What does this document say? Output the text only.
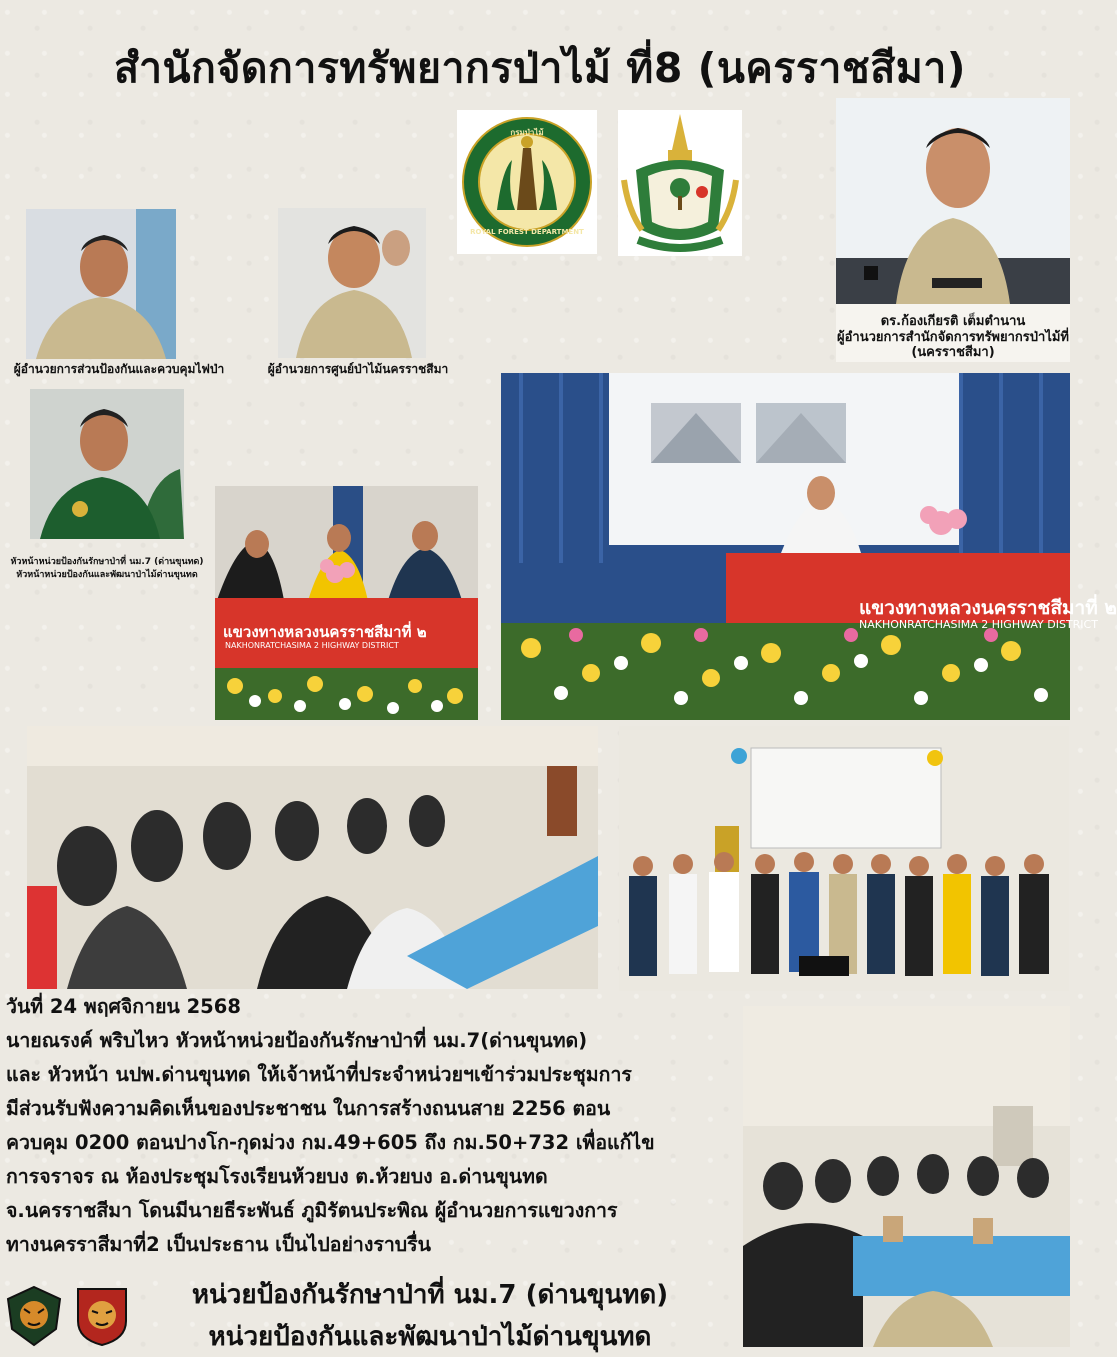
สำนักจัดการทรัพยากรป่าไม้ ที่8 (นครราชสีมา)
ROYAL FOREST DEPARTMENT
กรมป่าไม้
ดร.ก้องเกียรติ เต็มตำนาน
ผู้อำนวยการสำนักจัดการทรัพยากรป่าไม้ที่
(นครราชสีมา)
ผู้อำนวยการส่วนป้องกันและควบคุมไฟป่า	ผู้อำนวยการศูนย์ป่าไม้นครราชสีมา
หัวหน้าหน่วยป้องกันรักษาป่าที่ นม.7 (ด่านขุนทด)
หัวหน้าหน่วยป้องกันและพัฒนาป่าไม้ด่านขุนทด
แขวงทางหลวงนครราชสีมาที่ ๒
NAKHONRATCHASIMA 2 HIGHWAY DISTRICT
แขวงทางหลวงนครราชสีมาที่ ๒
NAKHONRATCHASIMA 2 HIGHWAY DISTRICT
วันที่ 24 พฤศจิกายน 2568
นายณรงค์ พริบไหว หัวหน้าหน่วยป้องกันรักษาป่าที่ นม.7(ด่านขุนทด)
และ หัวหน้า นปพ.ด่านขุนทด ให้เจ้าหน้าที่ประจำหน่วยฯเข้าร่วมประชุมการ
มีส่วนรับฟังความคิดเห็นของประชาชน ในการสร้างถนนสาย 2256 ตอน
ควบคุม 0200 ตอนปางโก-กุดม่วง กม.49+605 ถึง กม.50+732 เพื่อแก้ไข
การจราจร ณ ห้องประชุมโรงเรียนห้วยบง ต.ห้วยบง อ.ด่านขุนทด
จ.นครราชสีมา โดนมีนายธีระพันธ์ ภูมิรัตนประพิณ ผู้อำนวยการแขวงการ
ทางนครราสีมาที่2 เป็นประธาน เป็นไปอย่างราบรื่น
หน่วยป้องกันรักษาป่าที่ นม.7 (ด่านขุนทด)
หน่วยป้องกันและพัฒนาป่าไม้ด่านขุนทด
